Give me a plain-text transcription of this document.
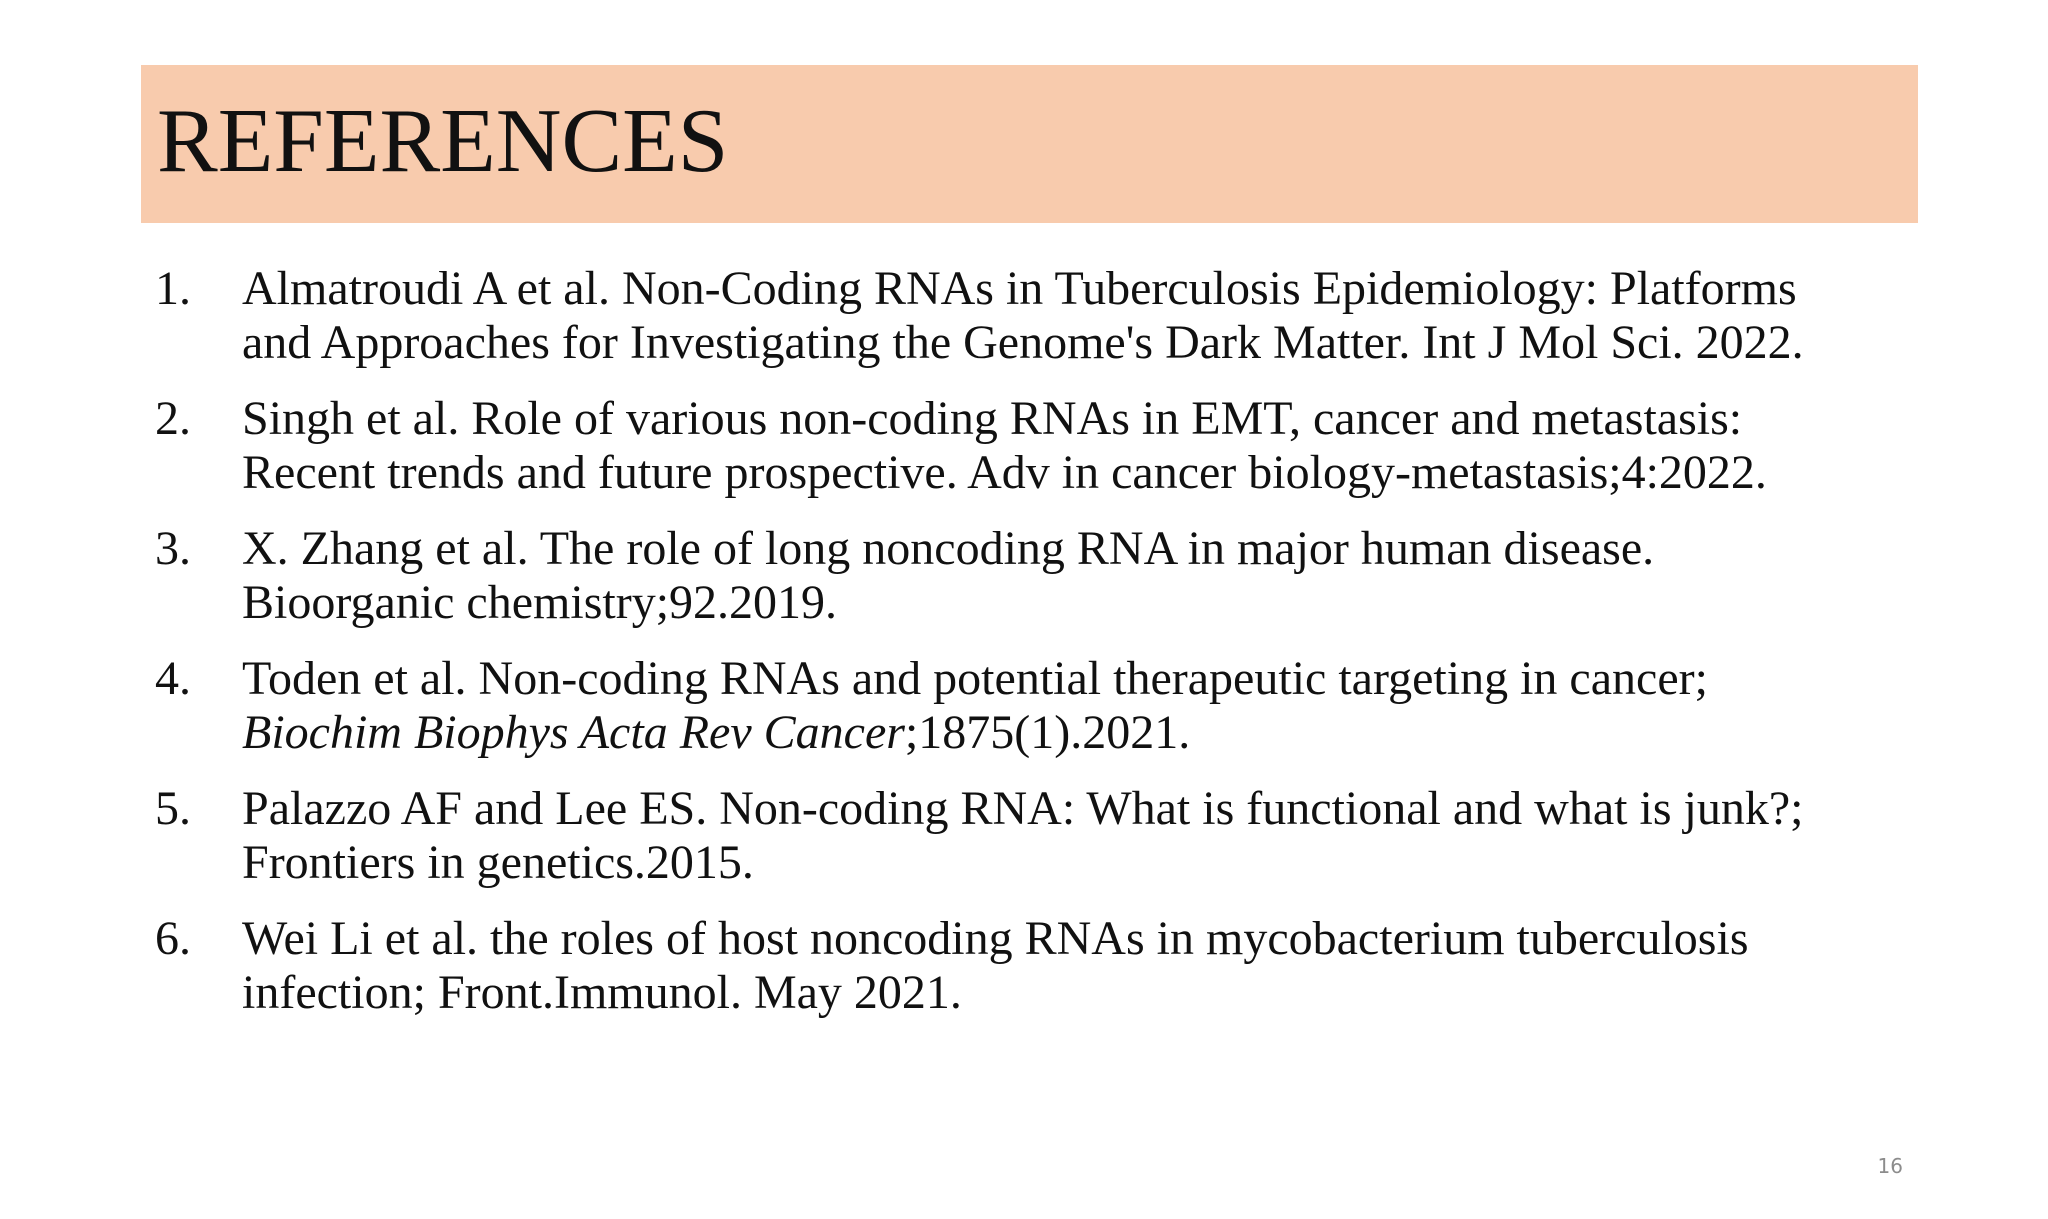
REFERENCES
1.	Almatroudi A et al. Non-Coding RNAs in Tuberculosis Epidemiology: Platforms
and Approaches for Investigating the Genome's Dark Matter. Int J Mol Sci. 2022.
2.	Singh et al. Role of various non-coding RNAs in EMT, cancer and metastasis:
Recent trends and future prospective. Adv in cancer biology-metastasis;4:2022.
3.	X. Zhang et al. The role of long noncoding RNA in major human disease.
Bioorganic chemistry;92.2019.
4.	Toden et al. Non-coding RNAs and potential therapeutic targeting in cancer;
Biochim Biophys Acta Rev Cancer;1875(1).2021.
5.	Palazzo AF and Lee ES. Non-coding RNA: What is functional and what is junk?;
Frontiers in genetics.2015.
6.	Wei Li et al. the roles of host noncoding RNAs in mycobacterium tuberculosis
infection; Front.Immunol. May 2021.
16
